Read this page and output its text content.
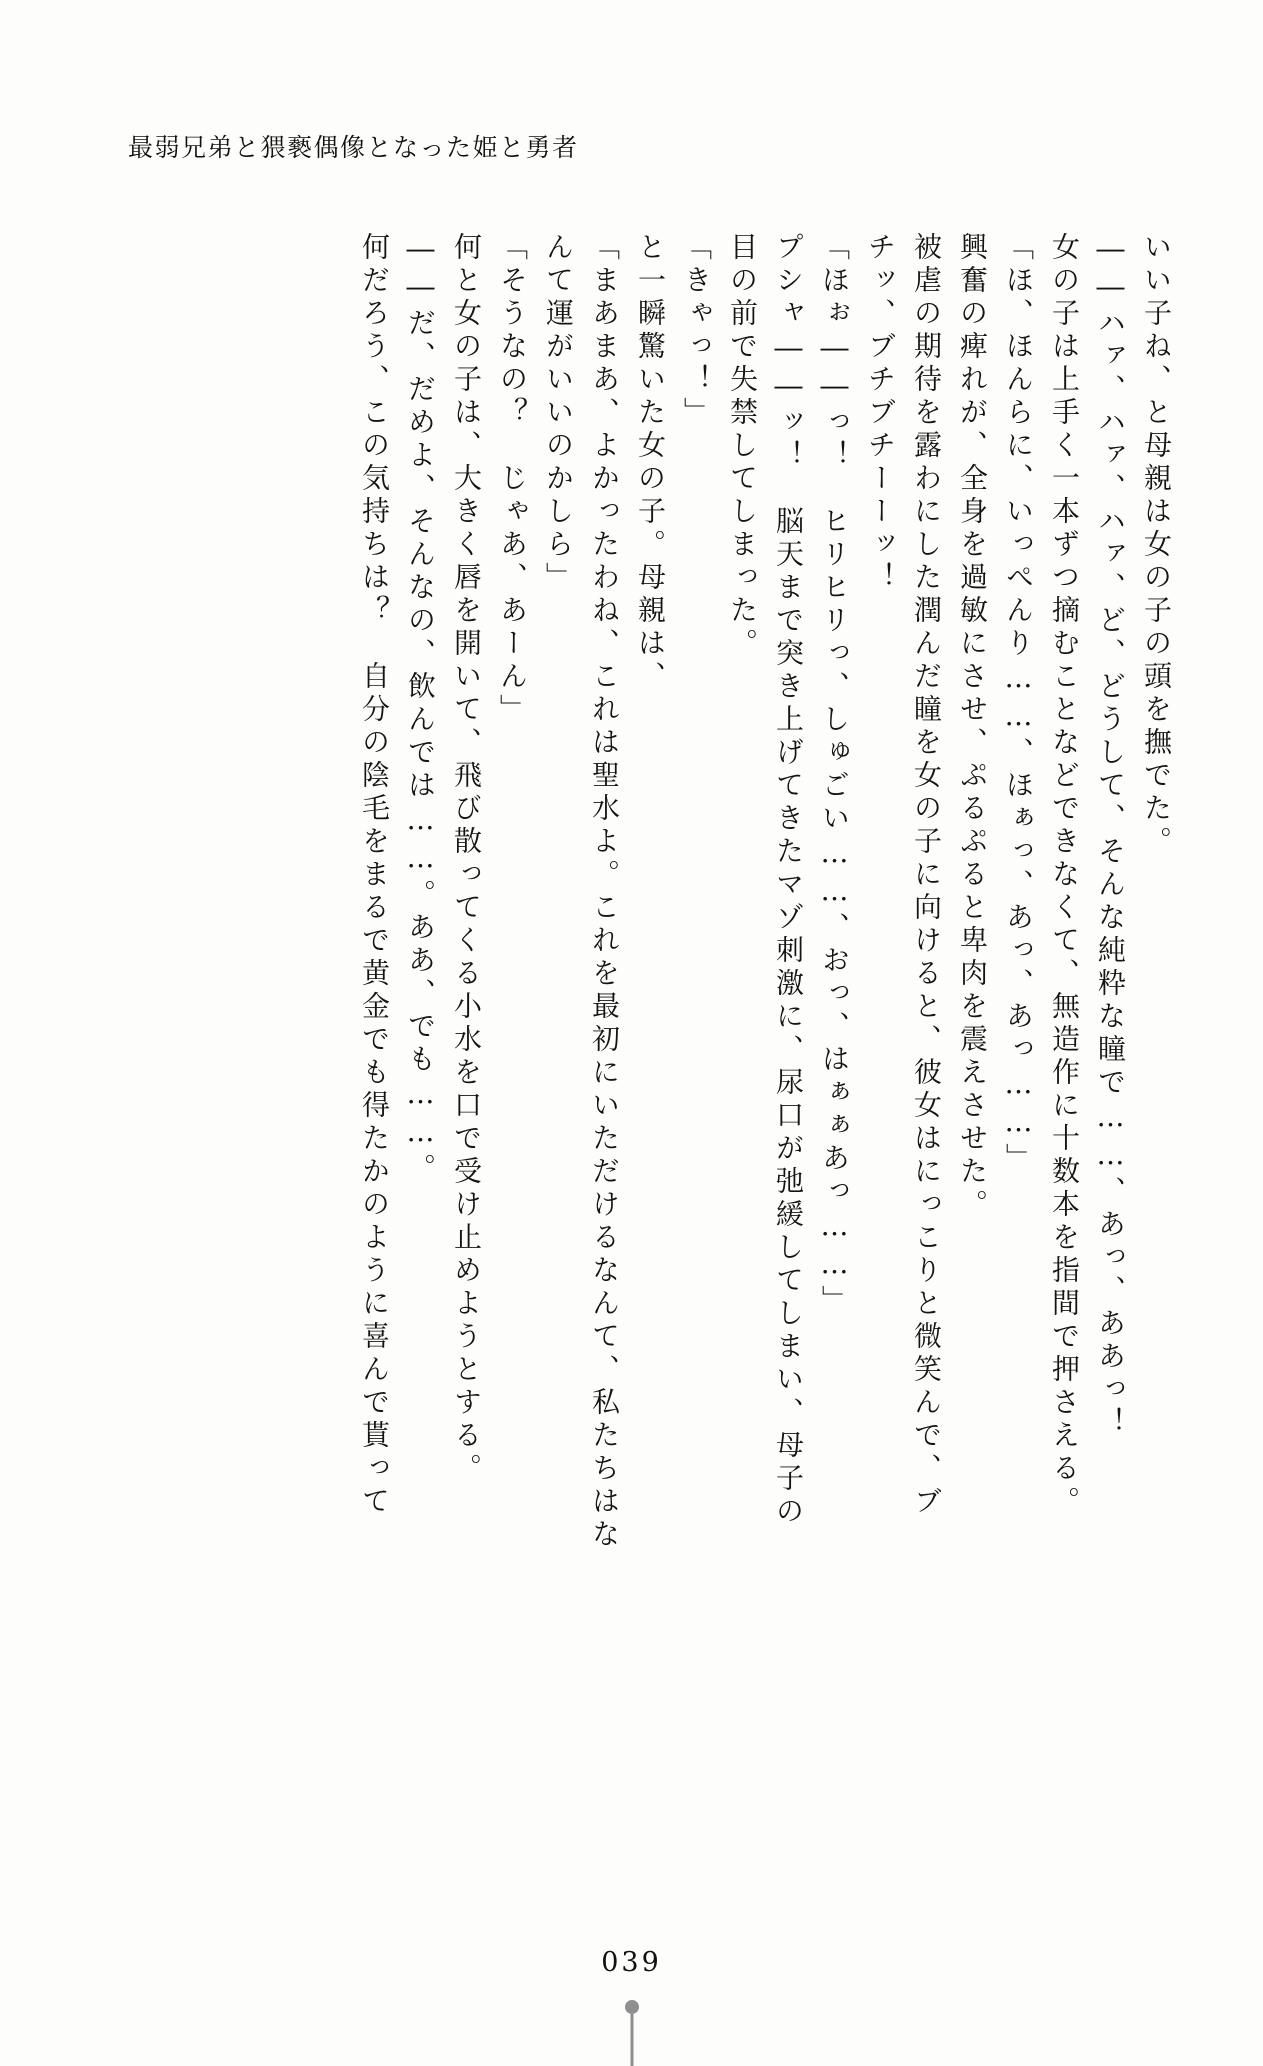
最弱兄弟と猥褻偶像となった姫と勇者
いい子ね、と母親は女の子の頭を撫でた。
――ハァ、ハァ、ハァ、ど、どうして、そんな純粋な瞳で……、あっ、ああっ！
女の子は上手く一本ずつ摘むことなどできなくて、無造作に十数本を指間で押さえる。
「ほ、ほんらに、いっぺんり……、ほぁっ、あっ、あっ……」
興奮の痺れが、全身を過敏にさせ、ぷるぷると卑肉を震えさせた。
被虐の期待を露わにした潤んだ瞳を女の子に向けると、彼女はにっこりと微笑んで、ブ
チッ、ブチブチーーッ！
「ほぉ――っ！　ヒリヒリっ、しゅごい……、おっ、はぁぁあっ……」
プシャ――ッ！　脳天まで突き上げてきたマゾ刺激に、尿口が弛緩してしまい、母子の
目の前で失禁してしまった。
「きゃっ！」
と一瞬驚いた女の子。母親は、
「まあまあ、よかったわね、これは聖水よ。これを最初にいただけるなんて、私たちはな
んて運がいいのかしら」
「そうなの？　じゃあ、あーん」
何と女の子は、大きく唇を開いて、飛び散ってくる小水を口で受け止めようとする。
――だ、だめよ、そんなの、飲んでは……。ああ、でも……。
何だろう、この気持ちは？　自分の陰毛をまるで黄金でも得たかのように喜んで貰って
039
